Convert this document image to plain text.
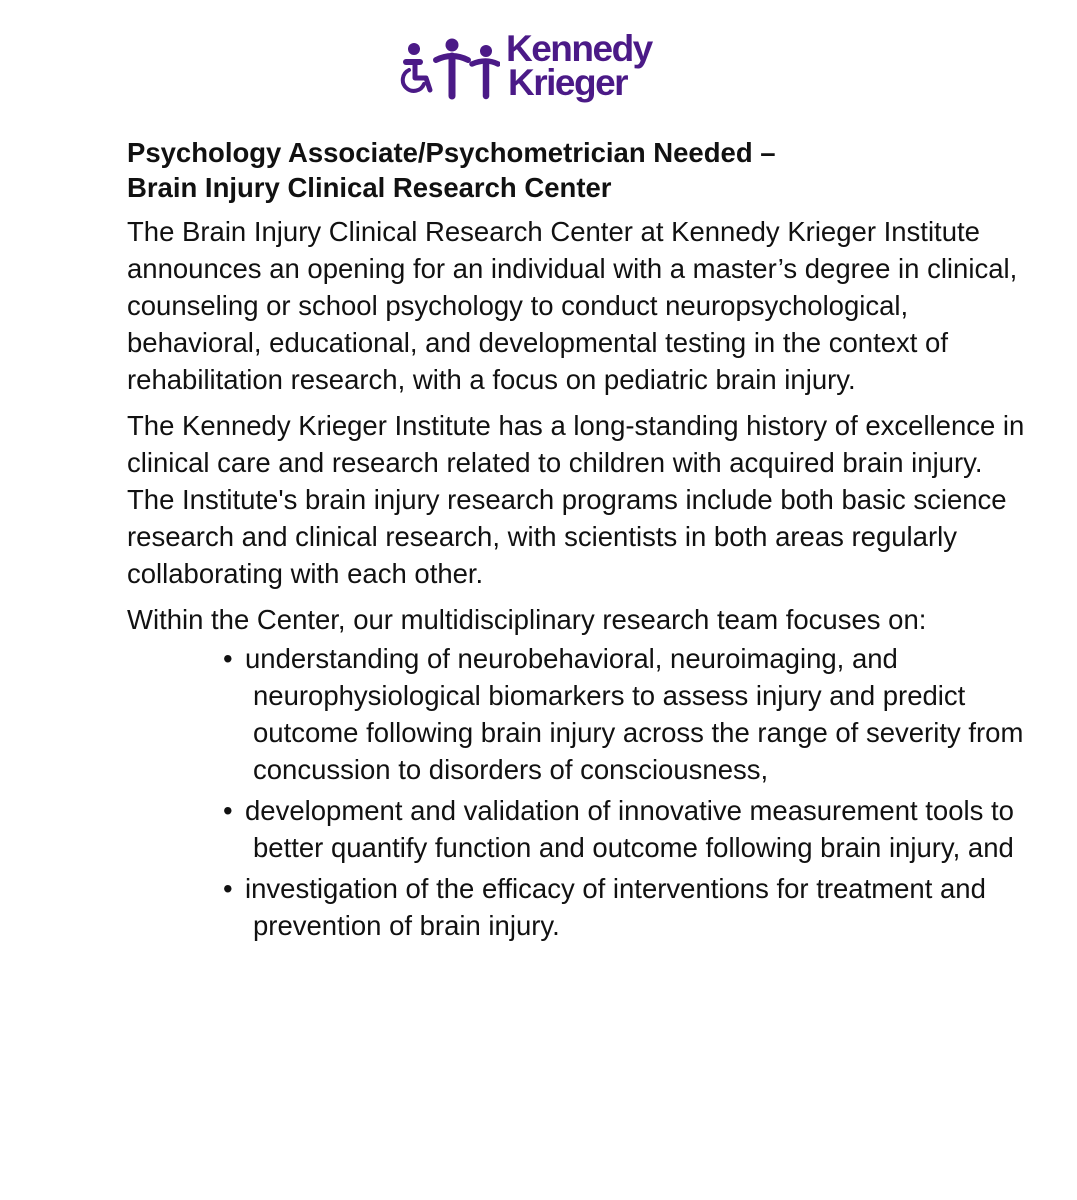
Kennedy
Krieger
Psychology Associate/Psychometrician Needed –
Brain Injury Clinical Research Center

The Brain Injury Clinical Research Center at Kennedy Krieger Institute announces an opening for an individual with a master’s degree in clinical, counseling or school psychology to conduct neuropsychological, behavioral, educational, and developmental testing in the context of rehabilitation research, with a focus on pediatric brain injury.

The Kennedy Krieger Institute has a long-standing history of excellence in clinical care and research related to children with acquired brain injury. The Institute's brain injury research programs include both basic science research and clinical research, with scientists in both areas regularly collaborating with each other.

Within the Center, our multidisciplinary research team focuses on:

• understanding of neurobehavioral, neuroimaging, and neurophysiological biomarkers to assess injury and predict outcome following brain injury across the range of severity from concussion to disorders of consciousness,
• development and validation of innovative measurement tools to better quantify function and outcome following brain injury, and
• investigation of the efficacy of interventions for treatment and prevention of brain injury.
